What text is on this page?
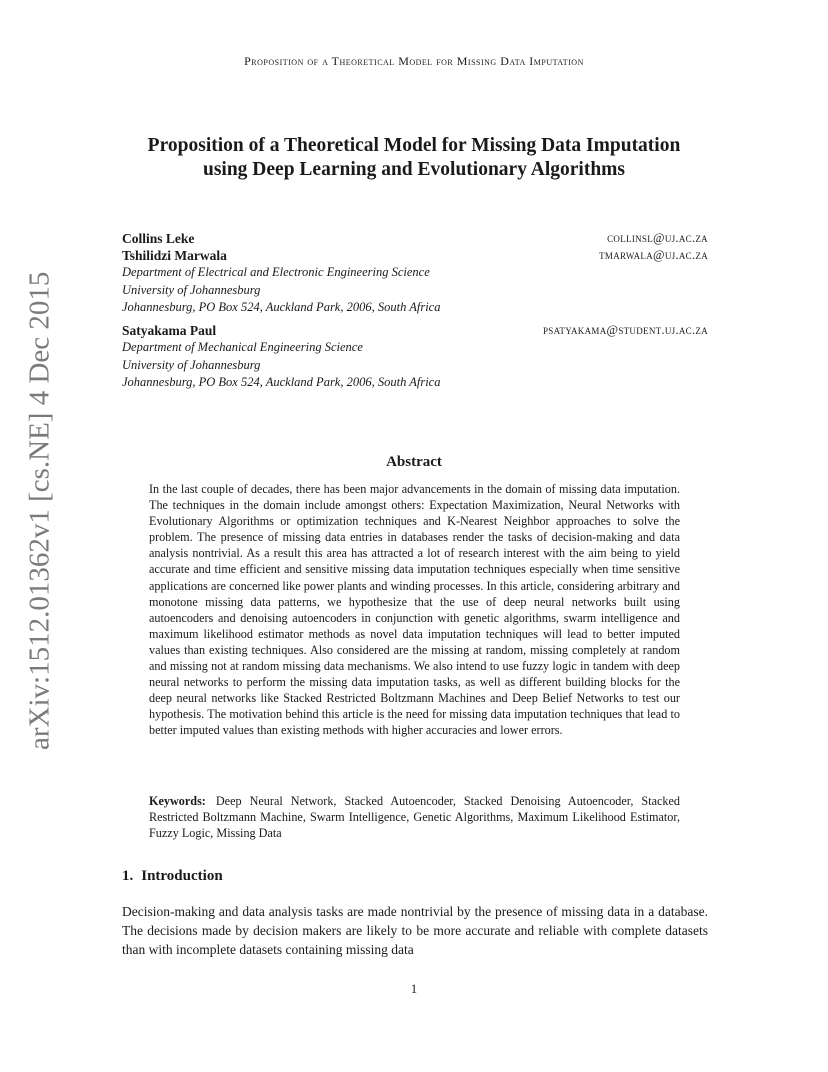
Proposition of a Theoretical Model for Missing Data Imputation
arXiv:1512.01362v1 [cs.NE] 4 Dec 2015
Proposition of a Theoretical Model for Missing Data Imputation using Deep Learning and Evolutionary Algorithms
Collins Leke	collinsl@uj.ac.za
Tshilidzi Marwala	tmarwala@uj.ac.za
Department of Electrical and Electronic Engineering Science
University of Johannesburg
Johannesburg, PO Box 524, Auckland Park, 2006, South Africa
Satyakama Paul	psatyakama@student.uj.ac.za
Department of Mechanical Engineering Science
University of Johannesburg
Johannesburg, PO Box 524, Auckland Park, 2006, South Africa
Abstract
In the last couple of decades, there has been major advancements in the domain of missing data imputation. The techniques in the domain include amongst others: Expectation Maximization, Neural Networks with Evolutionary Algorithms or optimization techniques and K-Nearest Neighbor approaches to solve the problem. The presence of missing data entries in databases render the tasks of decision-making and data analysis nontrivial. As a result this area has attracted a lot of research interest with the aim being to yield accurate and time efficient and sensitive missing data imputation techniques especially when time sensitive applications are concerned like power plants and winding processes. In this article, considering arbitrary and monotone missing data patterns, we hypothesize that the use of deep neural networks built using autoencoders and denoising autoencoders in conjunction with genetic algorithms, swarm intelligence and maximum likelihood estimator methods as novel data imputation techniques will lead to better imputed values than existing techniques. Also considered are the missing at random, missing completely at random and missing not at random missing data mechanisms. We also intend to use fuzzy logic in tandem with deep neural networks to perform the missing data imputation tasks, as well as different building blocks for the deep neural networks like Stacked Restricted Boltzmann Machines and Deep Belief Networks to test our hypothesis. The motivation behind this article is the need for missing data imputation techniques that lead to better imputed values than existing methods with higher accuracies and lower errors.
Keywords: Deep Neural Network, Stacked Autoencoder, Stacked Denoising Autoencoder, Stacked Restricted Boltzmann Machine, Swarm Intelligence, Genetic Algorithms, Maximum Likelihood Estimator, Fuzzy Logic, Missing Data
1. Introduction
Decision-making and data analysis tasks are made nontrivial by the presence of missing data in a database. The decisions made by decision makers are likely to be more accurate and reliable with complete datasets than with incomplete datasets containing missing data
1
